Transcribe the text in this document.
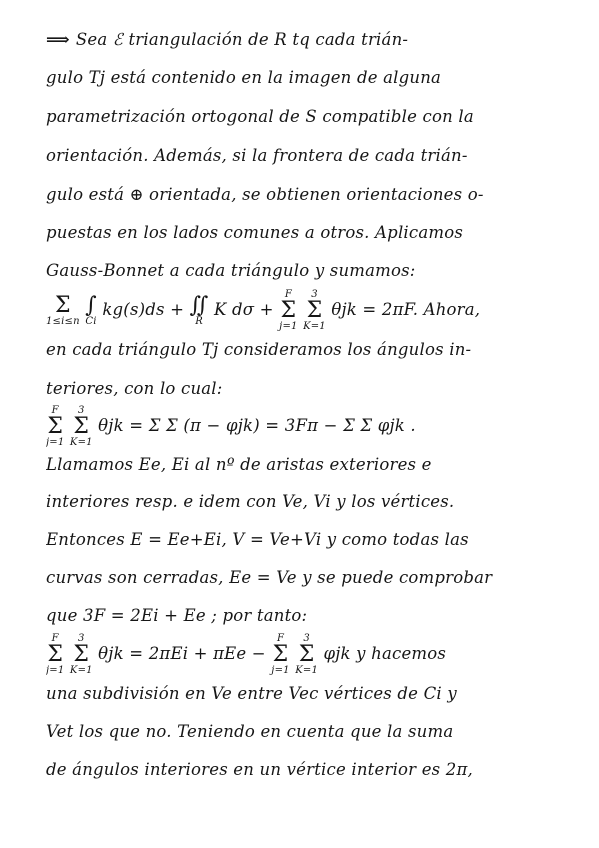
⟹ Sea ℰ triangulación de R tq cada trián-
gulo Tj está contenido en la imagen de alguna
parametrización ortogonal de S compatible con la
orientación. Además, si la frontera de cada trián-
gulo está ⊕ orientada, se obtienen orientaciones o-
puestas en los lados comunes a otros. Aplicamos
Gauss-Bonnet a cada triángulo y sumamos:
Σ
1≤i≤n

∫
Ci
kg(s)ds + ∬
R
K dσ +
F
Σ
j=1

3
Σ
K=1
θjk = 2πF. Ahora,
en cada triángulo Tj consideramos los ángulos in-
teriores, con lo cual:
F
Σ
j=1

3
Σ
K=1
θjk = Σ Σ (π − φjk) = 3Fπ − Σ Σ φjk .
Llamamos Ee, Ei al nº de aristas exteriores e
interiores resp. e idem con Ve, Vi y los vértices.
Entonces E = Ee+Ei, V = Ve+Vi y como todas las
curvas son cerradas, Ee = Ve y se puede comprobar
que 3F = 2Ei + Ee ; por tanto:
F
Σ
j=1

3
Σ
K=1
θjk = 2πEi + πEe −
F
Σ
j=1

3
Σ
K=1
φjk y hacemos
una subdivisión en Ve entre Vec vértices de Ci y
Vet los que no. Teniendo en cuenta que la suma
de ángulos interiores en un vértice interior es 2π,
